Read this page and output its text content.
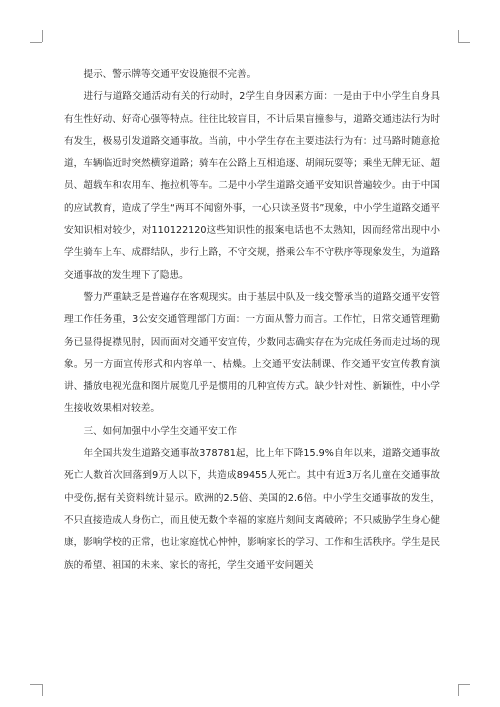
提示、警示牌等交通平安设施很不完善。

进行与道路交通活动有关的行动时，2学生自身因素方面：一是由于中小学生自身具有生性好动、好奇心强等特点。往往比较盲目，不计后果盲撞参与，道路交通违法行为时有发生，极易引发道路交通事故。当前，中小学生存在主要违法行为有：过马路时随意抢道，车辆临近时突然横穿道路；骑车在公路上互相追逐、胡闹玩耍等；乘坐无牌无证、超员、超载车和农用车、拖拉机等车。二是中小学生道路交通平安知识普遍较少。由于中国的应试教育，造成了学生“两耳不闻窗外事，一心只读圣贤书”现象，中小学生道路交通平安知识相对较少，对110122120这些知识性的报案电话也不太熟知，因而经常出现中小学生骑车上车、成群结队，步行上路，不守交规，搭乘公车不守秩序等现象发生，为道路交通事故的发生埋下了隐患。

警力严重缺乏是普遍存在客观现实。由于基层中队及一线交警承当的道路交通平安管理工作任务重，3公安交通管理部门方面：一方面从警力而言。工作忙，日常交通管理勤务已显得捉襟见肘，因而面对交通平安宣传，少数同志确实存在为完成任务而走过场的现象。另一方面宣传形式和内容单一、枯燥。上交通平安法制课、作交通平安宣传教育演讲、播放电视光盘和图片展览几乎是惯用的几种宣传方式。缺少针对性、新颖性，中小学生接收效果相对较差。

三、如何加强中小学生交通平安工作

年全国共发生道路交通事故378781起，比上年下降15.9%自年以来，道路交通事故死亡人数首次回落到9万人以下，共造成89455人死亡。其中有近3万名儿童在交通事故中受伤,据有关资料统计显示。欧洲的2.5倍、美国的2.6倍。中小学生交通事故的发生，不只直接造成人身伤亡，而且使无数个幸福的家庭片刻间支离破碎；不只威胁学生身心健康，影响学校的正常，也让家庭忧心忡忡，影响家长的学习、工作和生活秩序。学生是民族的希望、祖国的未来、家长的寄托，学生交通平安问题关
